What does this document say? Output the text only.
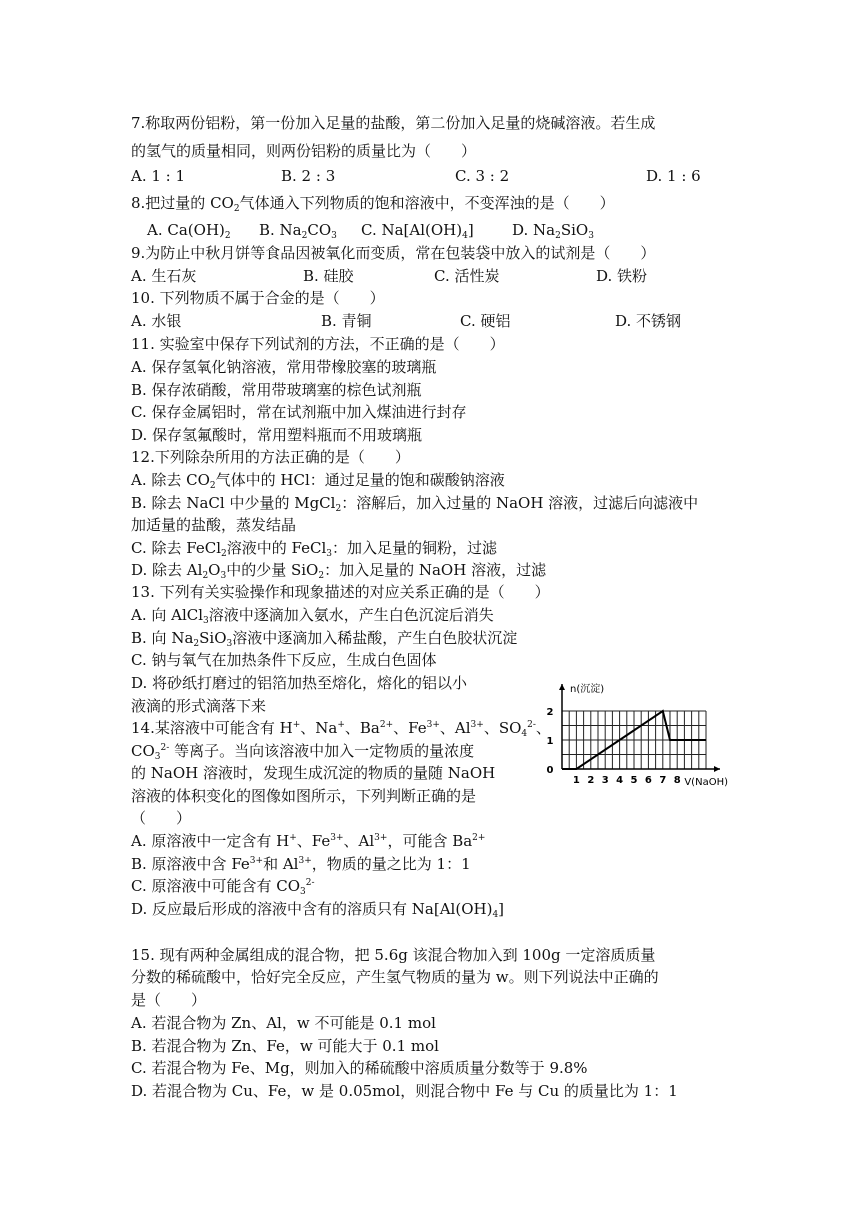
7.称取两份铝粉，第一份加入足量的盐酸，第二份加入足量的烧碱溶液。若生成
的氢气的质量相同，则两份铝粉的质量比为（　　）
A. 1 : 1	B. 2 : 3	C. 3 : 2	D. 1 : 6
8.把过量的 $CO_2$气体通入下列物质的饱和溶液中，不变浑浊的是（　　）
A. $Ca(OH)_2$ B. $Na_2CO_3$ C. $Na[Al(OH)_4]$	D. $Na_2SiO_3$
9.为防止中秋月饼等食品因被氧化而变质，常在包装袋中放入的试剂是（　　）
A. 生石灰	B. 硅胶	C. 活性炭	D. 铁粉
10. 下列物质不属于合金的是（　　）
A. 水银	B. 青铜	C. 硬铝	D. 不锈钢
11. 实验室中保存下列试剂的方法，不正确的是（　　）
A. 保存氢氧化钠溶液，常用带橡胶塞的玻璃瓶
B. 保存浓硝酸，常用带玻璃塞的棕色试剂瓶
C. 保存金属铝时，常在试剂瓶中加入煤油进行封存
D. 保存氢氟酸时，常用塑料瓶而不用玻璃瓶
12.下列除杂所用的方法正确的是（　　）
A. 除去 $CO_2$气体中的 HCl：通过足量的饱和碳酸钠溶液
B. 除去 NaCl 中少量的 MgCl$_2$：溶解后，加入过量的 NaOH 溶液，过滤后向滤液中
加适量的盐酸，蒸发结晶
C. 除去 FeCl$_2$溶液中的 FeCl$_3$：加入足量的铜粉，过滤
D. 除去 $Al_2O_3$中的少量 SiO$_2$：加入足量的 NaOH 溶液，过滤
13. 下列有关实验操作和现象描述的对应关系正确的是（　　）
A. 向 AlCl$_3$溶液中逐滴加入氨水，产生白色沉淀后消失
B. 向 $Na_2SiO_3$溶液中逐滴加入稀盐酸，产生白色胶状沉淀
C. 钠与氧气在加热条件下反应，生成白色固体
D. 将砂纸打磨过的铝箔加热至熔化，熔化的铝以小
液滴的形式滴落下来
14.某溶液中可能含有 H+、Na+、$Ba^{2+}$、$Fe^{3+}$、$Al^{3+}$、$SO_4^{2-}$、
$CO_3^{2-}$ 等离子。当向该溶液中加入一定物质的量浓度
的 NaOH 溶液时，发现生成沉淀的物质的量随 NaOH
溶液的体积变化的图像如图所示，下列判断正确的是
（　　）
A. 原溶液中一定含有 H+、$Fe^{3+}$、$Al^{3+}$，可能含 $Ba^{2+}$
B. 原溶液中含 $Fe^{3+}$和 $Al^{3+}$，物质的量之比为 1：1
C. 原溶液中可能含有 $CO_3^{2-}$
D. 反应最后形成的溶液中含有的溶质只有 $Na[Al(OH)_4]$
15. 现有两种金属组成的混合物，把 5.6g 该混合物加入到 100g 一定溶质质量
分数的稀硫酸中，恰好完全反应，产生氢气物质的量为 w。则下列说法中正确的
是（　　）
A. 若混合物为 Zn、Al，w 不可能是 0.1 mol
B. 若混合物为 Zn、Fe，w 可能大于 0.1 mol
C. 若混合物为 Fe、Mg，则加入的稀硫酸中溶质质量分数等于 9.8%
D. 若混合物为 Cu、Fe，w 是 0.05mol，则混合物中 Fe 与 Cu 的质量比为 1：1
1 2 3 4 5 6 7 8
1
2
0
n(沉淀)
V(NaOH)
